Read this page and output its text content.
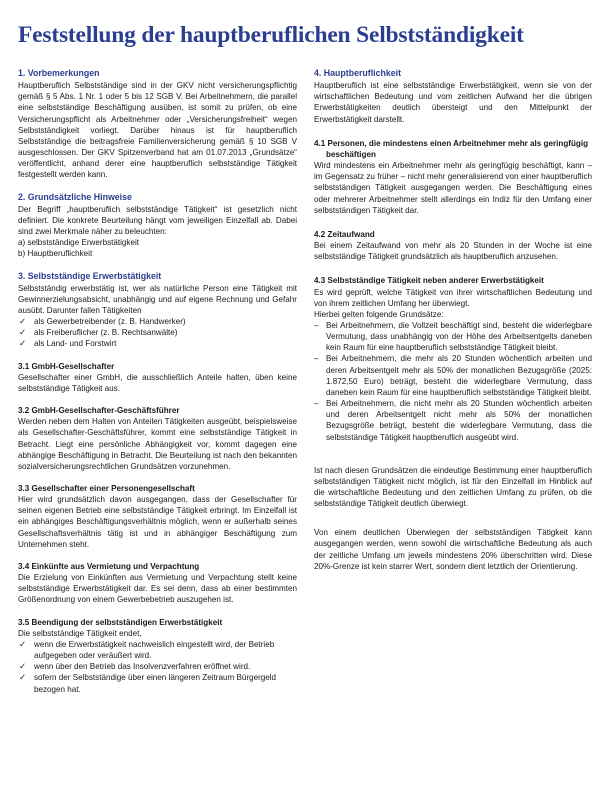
Feststellung der hauptberuflichen Selbstständigkeit
1. Vorbemerkungen

Hauptberuflich Selbstständige sind in der GKV nicht versicherungspflichtig gemäß § 5 Abs. 1 Nr. 1 oder 5 bis 12 SGB V. Bei Arbeitnehmern, die parallel eine selbstständige Beschäftigung ausüben, ist somit zu prüfen, ob eine Versicherungspflicht als Arbeitnehmer oder „Versicherungsfreiheit“ wegen Selbstständigkeit vorliegt. Darüber hinaus ist für hauptberuflich Selbstständige die beitragsfreie Familienversicherung gemäß § 10 SGB V ausgeschlossen. Der GKV Spitzenverband hat am 01.07.2013 „Grundsätze“ veröffentlicht, anhand derer eine hauptberuflich selbstständige Tätigkeit festgestellt werden kann.

2. Grundsätzliche Hinweise

Der Begriff „hauptberuflich selbstständige Tätigkeit“ ist gesetzlich nicht definiert. Die konkrete Beurteilung hängt vom jeweiligen Einzelfall ab. Dabei sind zwei Merkmale näher zu beleuchten:

a) selbstständige Erwerbstätigkeit
b) Hauptberuflichkeit
3. Selbstständige Erwerbstätigkeit

Selbstständig erwerbstätig ist, wer als natürliche Person eine Tätigkeit mit Gewinnerzielungsabsicht, unabhängig und auf eigene Rechnung und Gefahr ausübt. Darunter fallen Tätigkeiten

✓ als Gewerbetreibender (z. B. Handwerker)
✓ als Freiberuflicher (z. B. Rechtsanwälte)
✓ als Land- und Forstwirt
3.1 GmbH-Gesellschafter

Gesellschafter einer GmbH, die ausschließlich Anteile halten, üben keine selbstständige Tätigkeit aus.

3.2 GmbH-Gesellschafter-Geschäftsführer

Werden neben dem Halten von Anteilen Tätigkeiten ausgeübt, beispielsweise als Gesellschafter-Geschäftsführer, kommt eine selbstständige Tätigkeit in Betracht. Liegt eine persönliche Abhängigkeit vor, kommt dagegen eine abhängige Beschäftigung in Betracht. Die Beurteilung ist nach den bekannten sozialversicherungsrechtlichen Grundsätzen vorzunehmen.

3.3 Gesellschafter einer Personengesellschaft

Hier wird grundsätzlich davon ausgegangen, dass der Gesellschafter für seinen eigenen Betrieb eine selbstständige Tätigkeit erbringt. Im Einzelfall ist ein abhängiges Beschäftigungsverhältnis möglich, wenn er außerhalb seines Gesellschaftsverhältnis tätig ist und in abhängiger Beschäftigung zum Unternehmen steht.

3.4 Einkünfte aus Vermietung und Verpachtung

Die Erzielung von Einkünften aus Vermietung und Verpachtung stellt keine selbstständige Erwerbstätigkeit dar. Es sei denn, dass ab einer bestimmten Größenordnung von einem Gewerbebetrieb auszugehen ist.

3.5 Beendigung der selbstständigen Erwerbstätigkeit

Die selbstständige Tätigkeit endet,

✓ wenn die Erwerbstätigkeit nachweislich eingestellt wird, der Betrieb aufgegeben oder veräußert wird.
✓ wenn über den Betrieb das Insolvenzverfahren eröffnet wird.
✓ sofern der Selbstständige über einen längeren Zeitraum Bürgergeld bezogen hat.
4. Hauptberuflichkeit

Hauptberuflich ist eine selbstständige Erwerbstätigkeit, wenn sie von der wirtschaftlichen Bedeutung und vom zeitlichen Aufwand her die übrigen Erwerbstätigkeiten deutlich übersteigt und den Mittelpunkt der Erwerbstätigkeit darstellt.

4.1 Personen, die mindestens einen Arbeitnehmer mehr als geringfügig beschäftigen

Wird mindestens ein Arbeitnehmer mehr als geringfügig beschäftigt, kann – im Gegensatz zu früher – nicht mehr generalisierend von einer hauptberuflich selbstständigen Tätigkeit ausgegangen werden. Die Beschäftigung eines oder mehrerer Arbeitnehmer stellt allerdings ein Indiz für den Umfang einer selbstständigen Tätigkeit dar.

4.2 Zeitaufwand

Bei einem Zeitaufwand von mehr als 20 Stunden in der Woche ist eine selbstständige Tätigkeit grundsätzlich als hauptberuflich anzusehen.

4.3 Selbstständige Tätigkeit neben anderer Erwerbstätigkeit

Es wird geprüft, welche Tätigkeit von ihrer wirtschaftlichen Bedeutung und von ihrem zeitlichen Umfang her überwiegt.

Hierbei gelten folgende Grundsätze:

– Bei Arbeitnehmern, die Vollzeit beschäftigt sind, besteht die widerlegbare Vermutung, dass unabhängig von der Höhe des Arbeitsentgelts daneben kein Raum für eine hauptberuflich selbstständige Tätigkeit bleibt.
– Bei Arbeitnehmern, die mehr als 20 Stunden wöchentlich arbeiten und deren Arbeitsentgelt mehr als 50% der monatlichen Bezugsgröße (2025: 1.872,50 Euro) beträgt, besteht die widerlegbare Vermutung, dass daneben kein Raum für eine hauptberuflich selbstständige Tätigkeit bleibt.
– Bei Arbeitnehmern, die nicht mehr als 20 Stunden wöchentlich arbeiten und deren Arbeitsentgelt nicht mehr als 50% der monatlichen Bezugsgröße beträgt, besteht die widerlegbare Vermutung, dass die selbstständige Tätigkeit hauptberuflich ausgeübt wird.

Ist nach diesen Grundsätzen die eindeutige Bestimmung einer hauptberuflich selbstständigen Tätigkeit nicht möglich, ist für den Einzelfall im Hinblick auf die wirtschaftliche Bedeutung und den zeitlichen Umfang zu prüfen, ob die selbstständige Tätigkeit deutlich überwiegt.

Von einem deutlichen Überwiegen der selbstständigen Tätigkeit kann ausgegangen werden, wenn sowohl die wirtschaftliche Bedeutung als auch der zeitliche Umfang um jeweils mindestens 20% überschritten wird. Diese 20%-Grenze ist kein starrer Wert, sondern dient letztlich der Orientierung.
